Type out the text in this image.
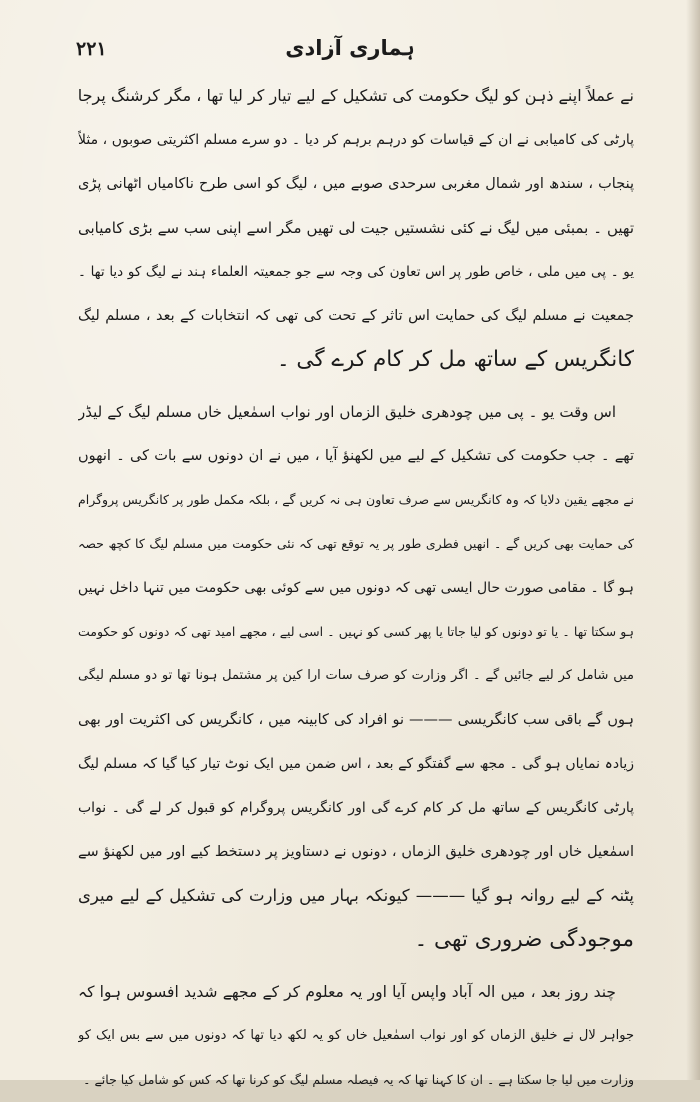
۲۲۱	ہماری آزادی
نے عملاً اپنے ذہن کو لیگ حکومت کی تشکیل کے لیے تیار کر لیا تھا ، مگر کرشنگ پرجا
پارٹی کی کامیابی نے ان کے قیاسات کو درہم برہم کر دیا ۔ دو سرے مسلم اکثریتی صوبوں ، مثلاً
پنجاب ، سندھ اور شمال مغربی سرحدی صوبے میں ، لیگ کو اسی طرح ناکامیاں اٹھانی پڑی
تھیں ۔ بمبئی میں لیگ نے کئی نشستیں جیت لی تھیں مگر اسے اپنی سب سے بڑی کامیابی
یو ۔ پی میں ملی ، خاص طور پر اس تعاون کی وجہ سے جو جمعیتہ العلماء ہند نے لیگ کو دیا تھا ۔
جمعیت نے مسلم لیگ کی حمایت اس تاثر کے تحت کی تھی کہ انتخابات کے بعد ، مسلم لیگ
کانگریس کے ساتھ مل کر کام کرے گی ۔
اس وقت یو ۔ پی میں چودھری خلیق الزماں اور نواب اسمٰعیل خاں مسلم لیگ کے لیڈر
تھے ۔ جب حکومت کی تشکیل کے لیے میں لکھنؤ آیا ، میں نے ان دونوں سے بات کی ۔ انھوں
نے مجھے یقین دلایا کہ وہ کانگریس سے صرف تعاون ہی نہ کریں گے ، بلکہ مکمل طور پر کانگریس پروگرام
کی حمایت بھی کریں گے ۔ انھیں فطری طور پر یہ توقع تھی کہ نئی حکومت میں مسلم لیگ کا کچھ حصہ
ہو گا ۔ مقامی صورت حال ایسی تھی کہ دونوں میں سے کوئی بھی حکومت میں تنہا داخل نہیں
ہو سکتا تھا ۔ یا تو دونوں کو لیا جاتا یا پھر کسی کو نہیں ۔ اسی لیے ، مجھے امید تھی کہ دونوں کو حکومت
میں شامل کر لیے جائیں گے ۔ اگر وزارت کو صرف سات ارا کین پر مشتمل ہونا تھا تو دو مسلم لیگی
ہوں گے باقی سب کانگریسی ——— نو افراد کی کابینہ میں ، کانگریس کی اکثریت اور بھی
زیادہ نمایاں ہو گی ۔ مجھ سے گفتگو کے بعد ، اس ضمن میں ایک نوٹ تیار کیا گیا کہ مسلم لیگ
پارٹی کانگریس کے ساتھ مل کر کام کرے گی اور کانگریس پروگرام کو قبول کر لے گی ۔ نواب
اسمٰعیل خاں اور چودھری خلیق الزماں ، دونوں نے دستاویز پر دستخط کیے اور میں لکھنؤ سے
پٹنہ کے لیے روانہ ہو گیا ——— کیونکہ بہار میں وزارت کی تشکیل کے لیے میری
موجودگی ضروری تھی ۔
چند روز بعد ، میں الہ آباد واپس آیا اور یہ معلوم کر کے مجھے شدید افسوس ہوا کہ
جواہر لال نے خلیق الزماں کو اور نواب اسمٰعیل خاں کو یہ لکھ دیا تھا کہ دونوں میں سے بس ایک کو
وزارت میں لیا جا سکتا ہے ۔ ان کا کہنا تھا کہ یہ فیصلہ مسلم لیگ کو کرنا تھا کہ کس کو شامل کیا جائے ۔
